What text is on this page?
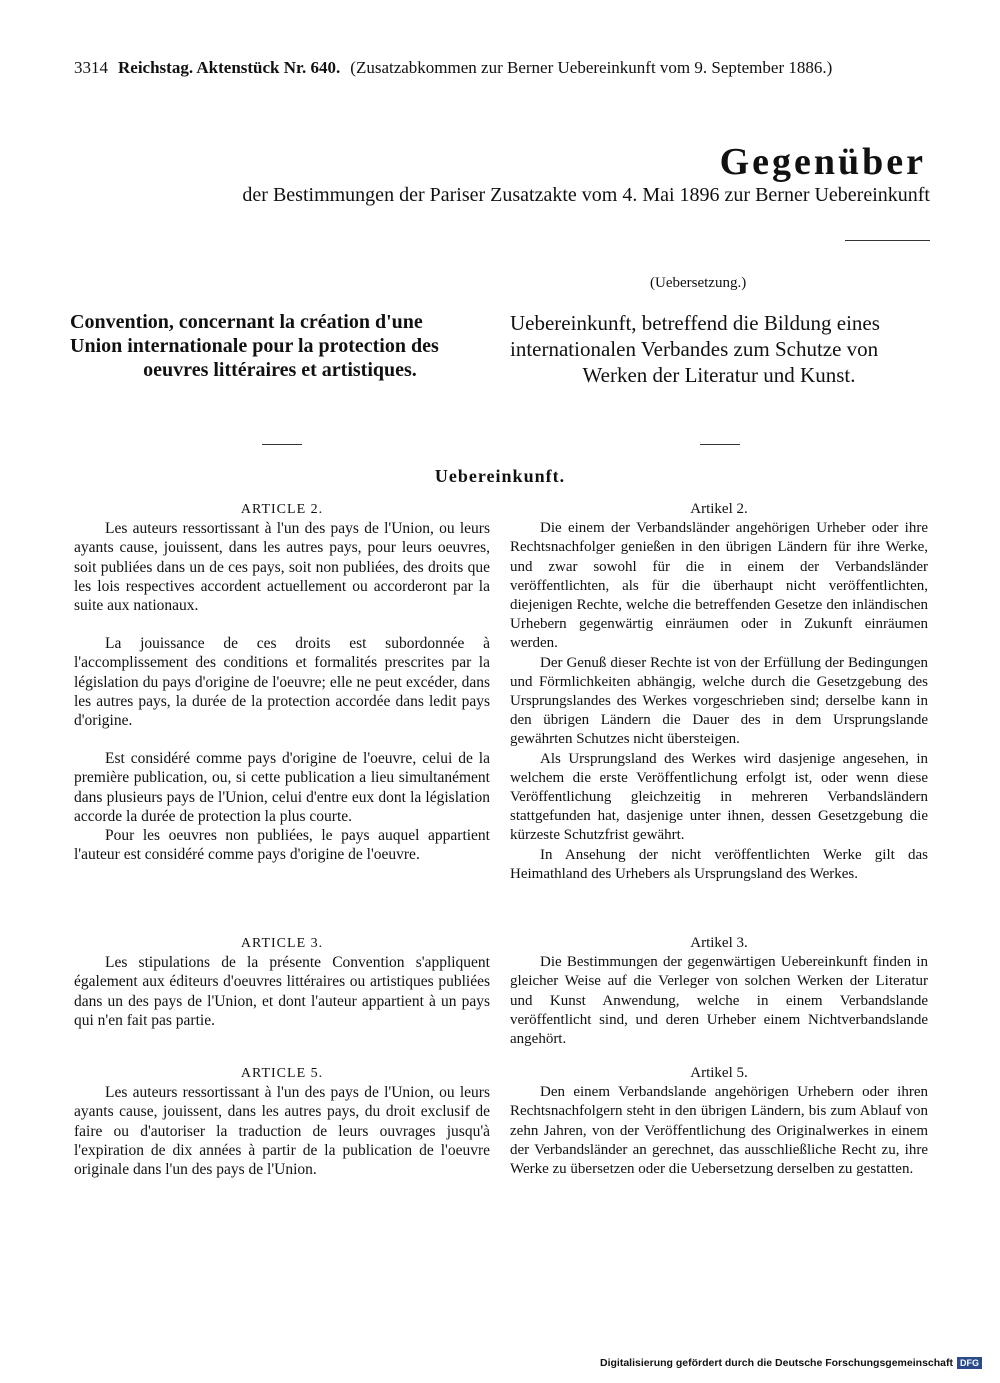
3314 Reichstag. Aktenstück Nr. 640. (Zusatzabkommen zur Berner Uebereinkunft vom 9. September 1886.)
Gegenüber
der Bestimmungen der Pariser Zusatzakte vom 4. Mai 1896 zur Berner Uebereinkunft
(Uebersetzung.)
Convention, concernant la création d'une
Union internationale pour la protection des
oeuvres littéraires et artistiques.
Uebereinkunft, betreffend die Bildung eines
internationalen Verbandes zum Schutze von
Werken der Literatur und Kunst.
Uebereinkunft.

ARTICLE 2.

Les auteurs ressortissant à l'un des pays de l'Union, ou leurs ayants cause, jouissent, dans les autres pays, pour leurs oeuvres, soit publiées dans un de ces pays, soit non publiées, des droits que les lois respectives accordent actuellement ou accorderont par la suite aux nationaux.

La jouissance de ces droits est subordonnée à l'accomplissement des conditions et formalités prescrites par la législation du pays d'origine de l'oeuvre; elle ne peut excéder, dans les autres pays, la durée de la protection accordée dans ledit pays d'origine.

Est considéré comme pays d'origine de l'oeuvre, celui de la première publication, ou, si cette publication a lieu simultanément dans plusieurs pays de l'Union, celui d'entre eux dont la législation accorde la durée de protection la plus courte.

Pour les oeuvres non publiées, le pays auquel appartient l'auteur est considéré comme pays d'origine de l'oeuvre.

Artikel 2.

Die einem der Verbandsländer angehörigen Urheber oder ihre Rechtsnachfolger genießen in den übrigen Ländern für ihre Werke, und zwar sowohl für die in einem der Verbandsländer veröffentlichten, als für die überhaupt nicht veröffentlichten, diejenigen Rechte, welche die betreffenden Gesetze den inländischen Urhebern gegenwärtig einräumen oder in Zukunft einräumen werden.

Der Genuß dieser Rechte ist von der Erfüllung der Bedingungen und Förmlichkeiten abhängig, welche durch die Gesetzgebung des Ursprungslandes des Werkes vorgeschrieben sind; derselbe kann in den übrigen Ländern die Dauer des in dem Ursprungslande gewährten Schutzes nicht übersteigen.

Als Ursprungsland des Werkes wird dasjenige angesehen, in welchem die erste Veröffentlichung erfolgt ist, oder wenn diese Veröffentlichung gleichzeitig in mehreren Verbandsländern stattgefunden hat, dasjenige unter ihnen, dessen Gesetzgebung die kürzeste Schutzfrist gewährt.

In Ansehung der nicht veröffentlichten Werke gilt das Heimathland des Urhebers als Ursprungsland des Werkes.

ARTICLE 3.

Les stipulations de la présente Convention s'appliquent également aux éditeurs d'oeuvres littéraires ou artistiques publiées dans un des pays de l'Union, et dont l'auteur appartient à un pays qui n'en fait pas partie.

Artikel 3.

Die Bestimmungen der gegenwärtigen Uebereinkunft finden in gleicher Weise auf die Verleger von solchen Werken der Literatur und Kunst Anwendung, welche in einem Verbandslande veröffentlicht sind, und deren Urheber einem Nichtverbandslande angehört.

ARTICLE 5.

Les auteurs ressortissant à l'un des pays de l'Union, ou leurs ayants cause, jouissent, dans les autres pays, du droit exclusif de faire ou d'autoriser la traduction de leurs ouvrages jusqu'à l'expiration de dix années à partir de la publication de l'oeuvre originale dans l'un des pays de l'Union.

Artikel 5.

Den einem Verbandslande angehörigen Urhebern oder ihren Rechtsnachfolgern steht in den übrigen Ländern, bis zum Ablauf von zehn Jahren, von der Veröffentlichung des Originalwerkes in einem der Verbandsländer an gerechnet, das ausschließliche Recht zu, ihre Werke zu übersetzen oder die Uebersetzung derselben zu gestatten.

Digitalisierung gefördert durch die Deutsche Forschungsgemeinschaft DFG
